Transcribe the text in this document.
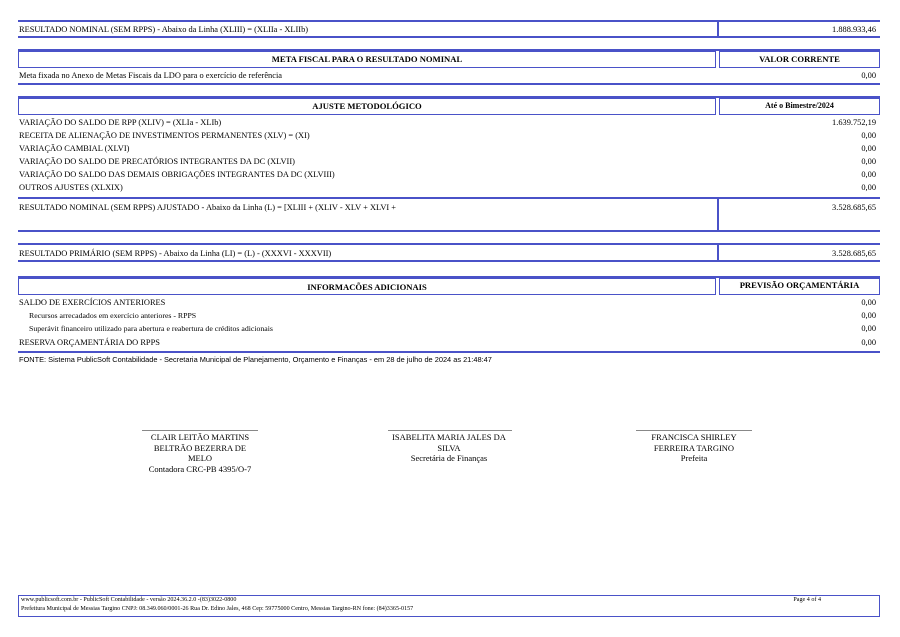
RESULTADO NOMINAL (SEM RPPS) - Abaixo da Linha (XLIII) = (XLIIa - XLIIb)	1.888.933,46
META FISCAL PARA O RESULTADO NOMINAL	VALOR CORRENTE
Meta fixada no Anexo de Metas Fiscais da LDO para o exercício de referência	0,00
AJUSTE METODOLÓGICO	Até o Bimestre/2024
VARIAÇÃO DO SALDO DE RPP (XLIV) = (XLIa - XLIb)	1.639.752,19
RECEITA DE ALIENAÇÃO DE INVESTIMENTOS PERMANENTES (XLV) = (XI)	0,00
VARIAÇÃO CAMBIAL (XLVI)	0,00
VARIAÇÃO DO SALDO DE PRECATÓRIOS INTEGRANTES DA DC (XLVII)	0,00
VARIAÇÃO DO SALDO DAS DEMAIS OBRIGAÇÕES INTEGRANTES DA DC (XLVIII)	0,00
OUTROS AJUSTES (XLXIX)	0,00
RESULTADO NOMINAL (SEM RPPS) AJUSTADO - Abaixo da Linha (L) = [XLIII + (XLIV - XLV + XLVI +	3.528.685,65
RESULTADO PRIMÁRIO (SEM RPPS) - Abaixo da Linha (LI) = (L) - (XXXVI - XXXVII)	3.528.685,65
INFORMACÕES ADICIONAIS	PREVISÃO ORÇAMENTÁRIA
SALDO DE EXERCÍCIOS ANTERIORES	0,00
Recursos arrecadados em exercício anteriores - RPPS	0,00
Superávit financeiro utilizado para abertura e reabertura de créditos adicionais	0,00
RESERVA ORÇAMENTÁRIA DO RPPS	0,00
FONTE: Sistema PublicSoft Contabilidade - Secretaria Municipal de Planejamento, Orçamento e Finanças - em 28 de julho de 2024 as 21:48:47
CLAIR LEITÃO MARTINS
BELTRÃO BEZERRA DE
MELO
Contadora CRC-PB 4395/O-7
ISABELITA MARIA JALES DA
SILVA
Secretária de Finanças
FRANCISCA SHIRLEY
FERREIRA TARGINO
Prefeita
www.publicsoft.com.br - PublicSoft Contabilidade - versão 2024.36.2.0 -(83)3022-0800
Prefeitura Municipal de Messias Targino CNPJ: 08.349.060/0001-26 Rua Dr. Edino Jales, 468 Cep: 59775000 Centro, Messias Targino-RN fone: (84)3365-0157
Page 4 of 4
